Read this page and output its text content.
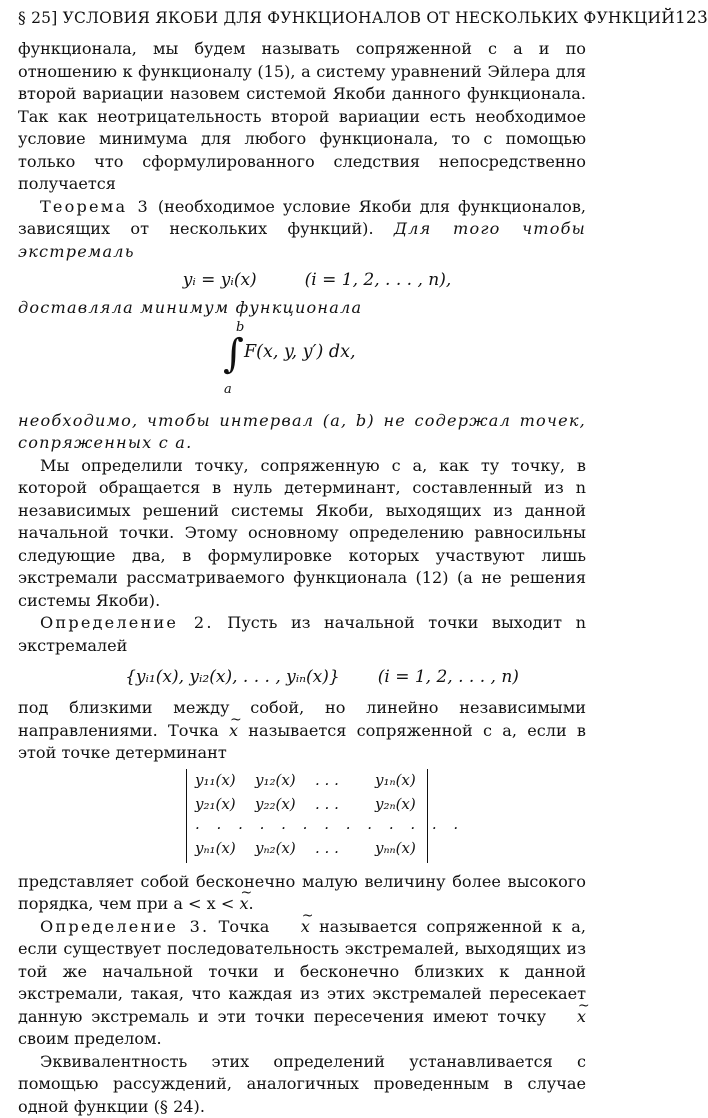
§ 25] УСЛОВИЯ ЯКОБИ ДЛЯ ФУНКЦИОНАЛОВ ОТ НЕСКОЛЬКИХ ФУНКЦИЙ 123

функционала, мы будем называть сопряженной с a и по отношению к функционалу (15), а систему уравнений Эйлера для второй вариации назовем системой Якоби данного функционала. Так как неотрицательность второй вариации есть необходимое условие минимума для любого функционала, то с помощью только что сформулированного следствия непосредственно получается

Теорема 3 (необходимое условие Якоби для функционалов, зависящих от нескольких функций). Для того чтобы экстремаль

yᵢ = yᵢ(x)	(i = 1, 2, . . . , n),

доставляла минимум функционала

b
∫
a
F(x, y, y′) dx,

необходимо, чтобы интервал (a, b) не содержал точек, сопряженных с a.

Мы определили точку, сопряженную с a, как ту точку, в которой обращается в нуль детерминант, составленный из n независимых решений системы Якоби, выходящих из данной начальной точки. Этому основному определению равносильны следующие два, в формулировке которых участвуют лишь экстремали рассматриваемого функционала (12) (а не решения системы Якоби).

Определение 2. Пусть из начальной точки выходит n экстремалей

{yᵢ₁(x), yᵢ₂(x), . . . , yᵢₙ(x)} (i = 1, 2, . . . , n)

под близкими между собой, но линейно независимыми направлениями. Точка ~ x называется сопряженной с a, если в этой точке детерминант

y₁₁(x) y₁₂(x) . . . y₁ₙ(x)
y₂₁(x) y₂₂(x) . . . y₂ₙ(x)
. . . . . . . . . . . . .
yₙ₁(x) yₙ₂(x) . . . yₙₙ(x)

представляет собой бесконечно малую величину более высокого порядка, чем при a < x < ~ x.

Определение 3. Точка ~ x называется сопряженной к a, если существует последовательность экстремалей, выходящих из той же начальной точки и бесконечно близких к данной экстремали, такая, что каждая из этих экстремалей пересекает данную экстремаль и эти точки пересечения имеют точку ~ x своим пределом.

Эквивалентность этих определений устанавливается с помощью рассуждений, аналогичных проведенным в случае одной функции (§ 24).
